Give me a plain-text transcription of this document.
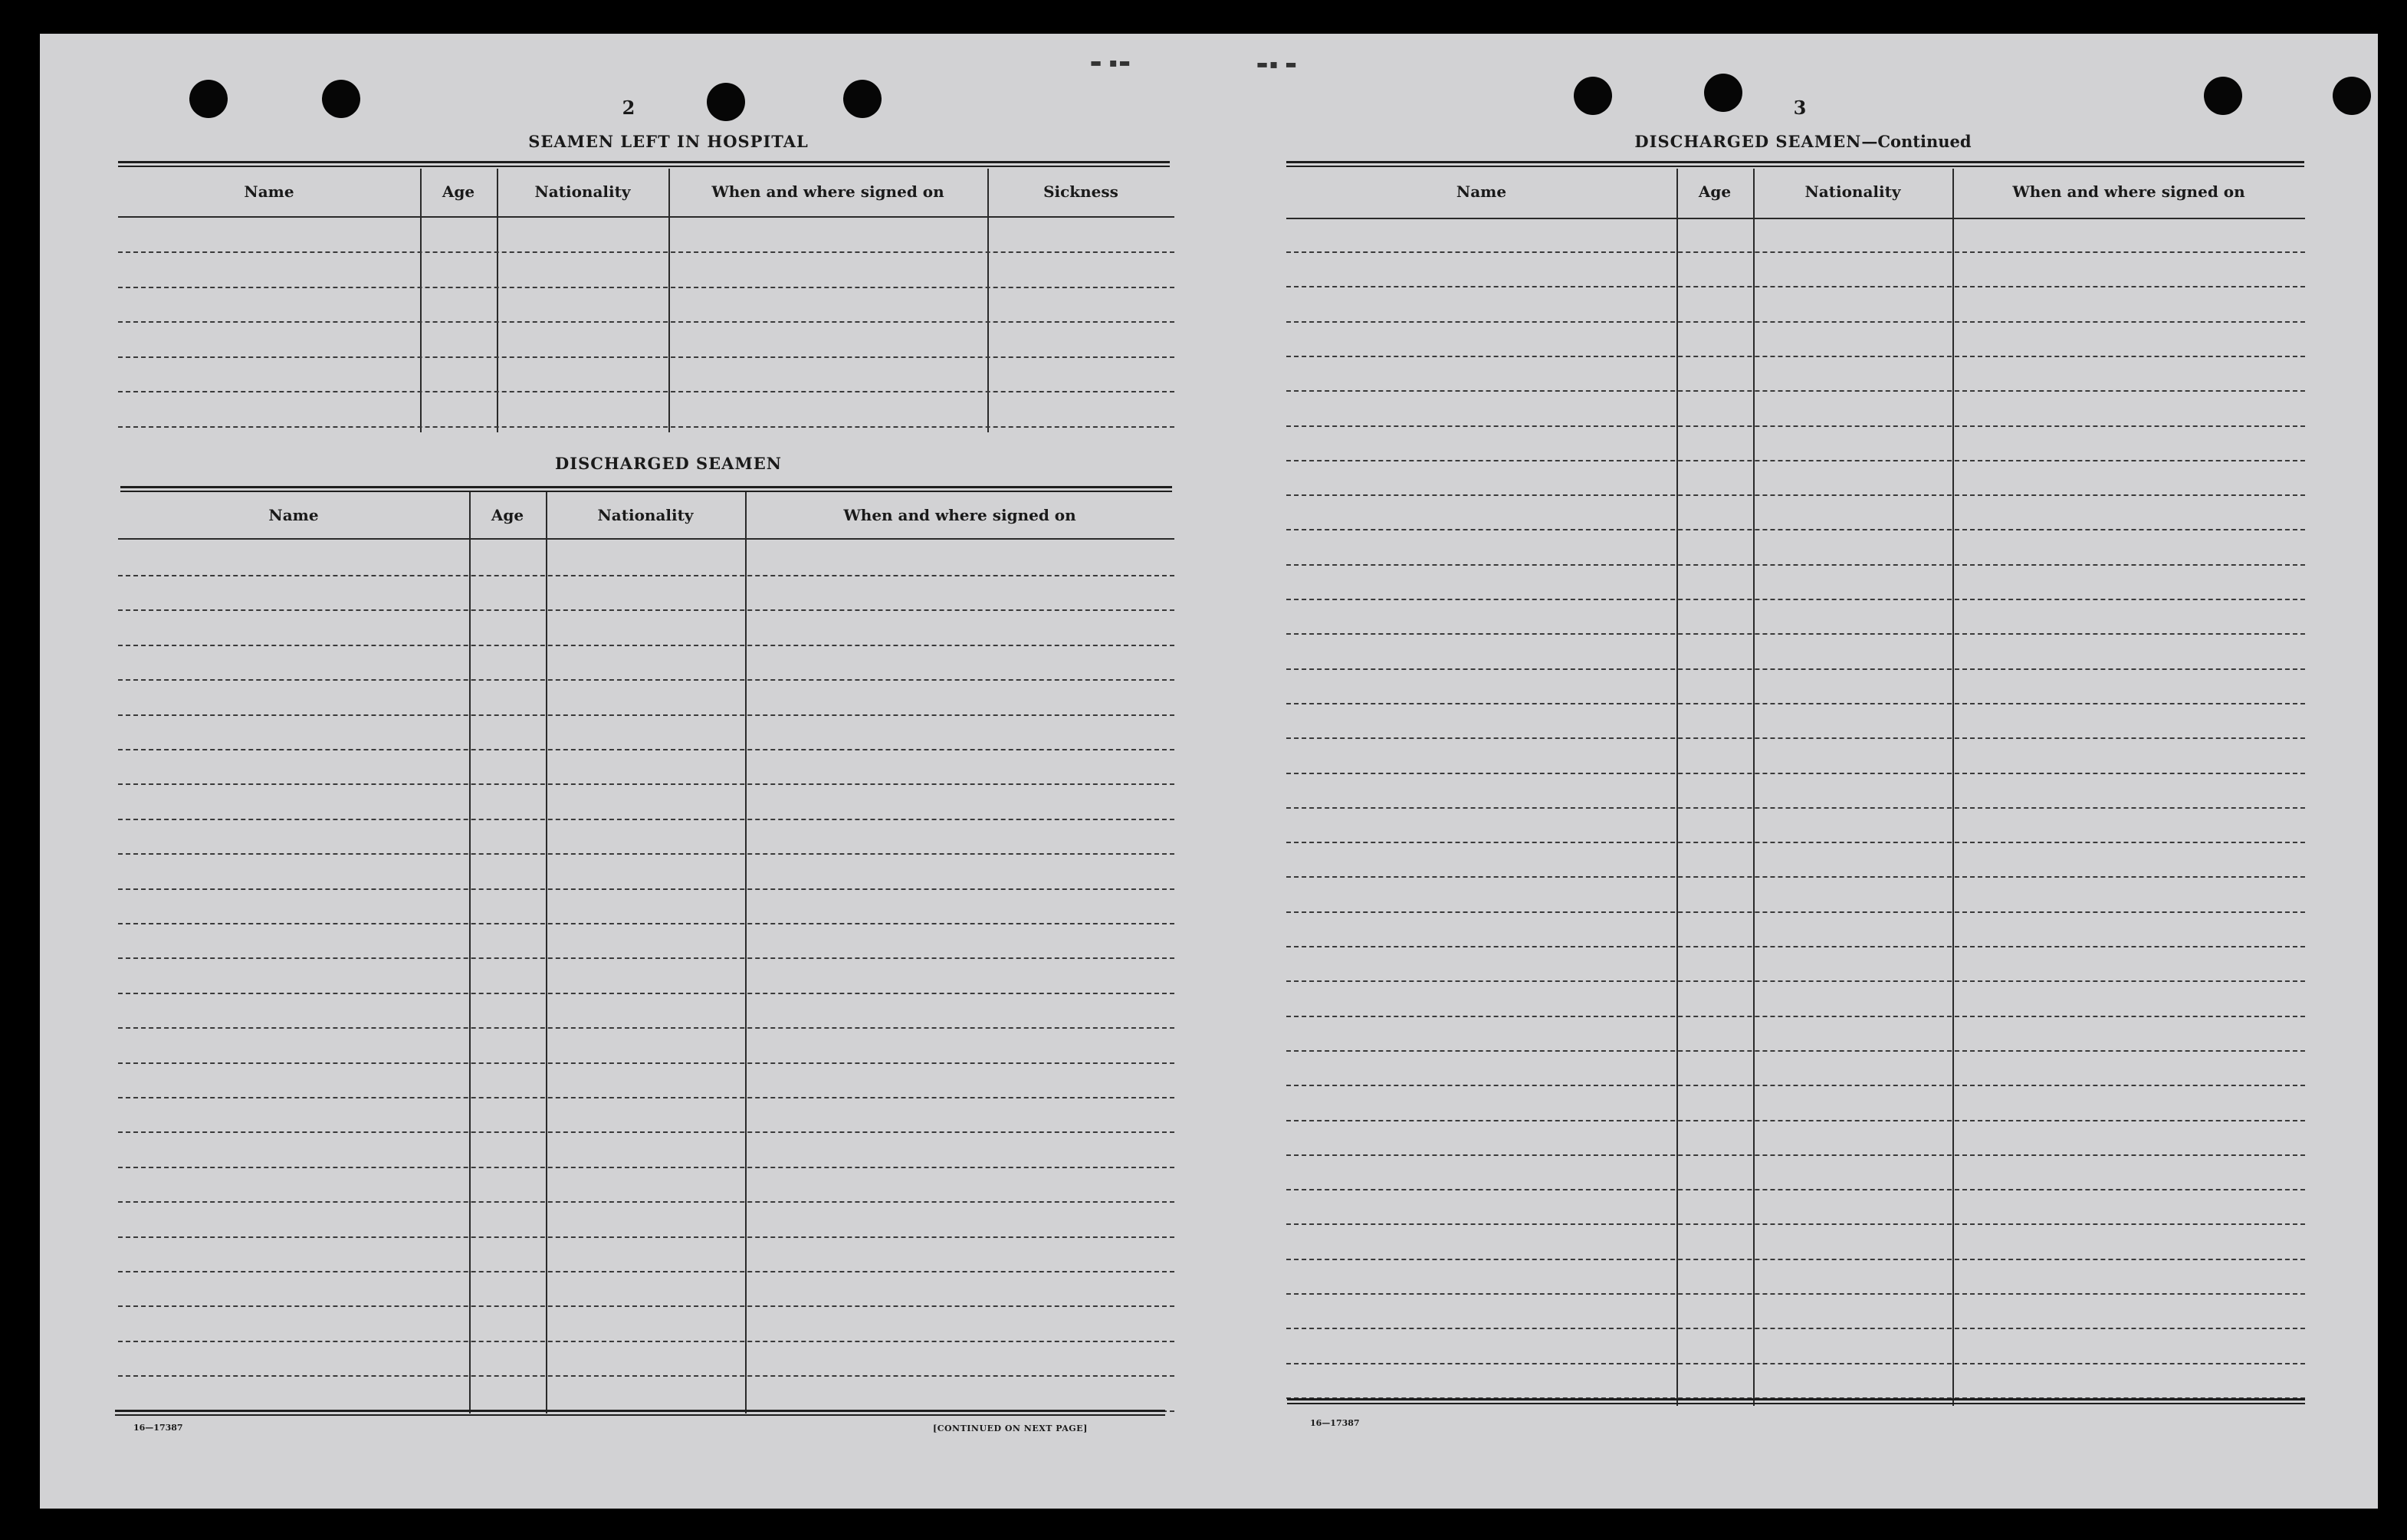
▬ ▪▬
2
SEAMEN LEFT IN HOSPITAL
Name	Age	Nationality	When and where signed on	Sickness
DISCHARGED SEAMEN
Name	Age	Nationality	When and where signed on
16—17387	[CONTINUED ON NEXT PAGE]
▬▪ ▬
3
DISCHARGED SEAMEN—Continued
Name	Age	Nationality	When and where signed on
16—17387
